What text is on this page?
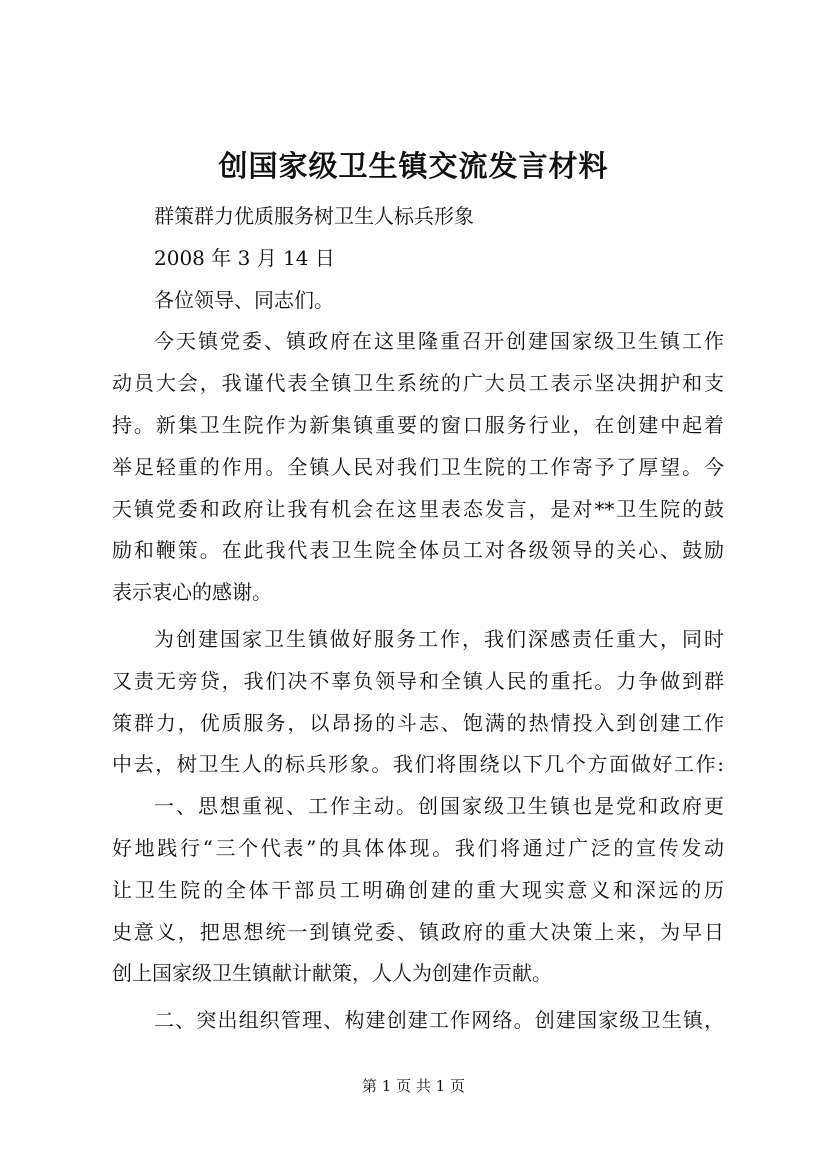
创国家级卫生镇交流发言材料
群策群力优质服务树卫生人标兵形象
2008 年 3 月 14 日
各位领导、同志们。
今天镇党委、镇政府在这里隆重召开创建国家级卫生镇工作
动员大会，我谨代表全镇卫生系统的广大员工表示坚决拥护和支
持。新集卫生院作为新集镇重要的窗口服务行业，在创建中起着
举足轻重的作用。全镇人民对我们卫生院的工作寄予了厚望。今
天镇党委和政府让我有机会在这里表态发言，是对**卫生院的鼓
励和鞭策。在此我代表卫生院全体员工对各级领导的关心、鼓励
表示衷心的感谢。
为创建国家卫生镇做好服务工作，我们深感责任重大，同时
又责无旁贷，我们决不辜负领导和全镇人民的重托。力争做到群
策群力，优质服务，以昂扬的斗志、饱满的热情投入到创建工作
中去，树卫生人的标兵形象。我们将围绕以下几个方面做好工作:
一、思想重视、工作主动。创国家级卫生镇也是党和政府更
好地践行“三个代表”的具体体现。我们将通过广泛的宣传发动
让卫生院的全体干部员工明确创建的重大现实意义和深远的历
史意义，把思想统一到镇党委、镇政府的重大决策上来，为早日
创上国家级卫生镇献计献策，人人为创建作贡献。
二、突出组织管理、构建创建工作网络。创建国家级卫生镇，
第 1 页 共 1 页
